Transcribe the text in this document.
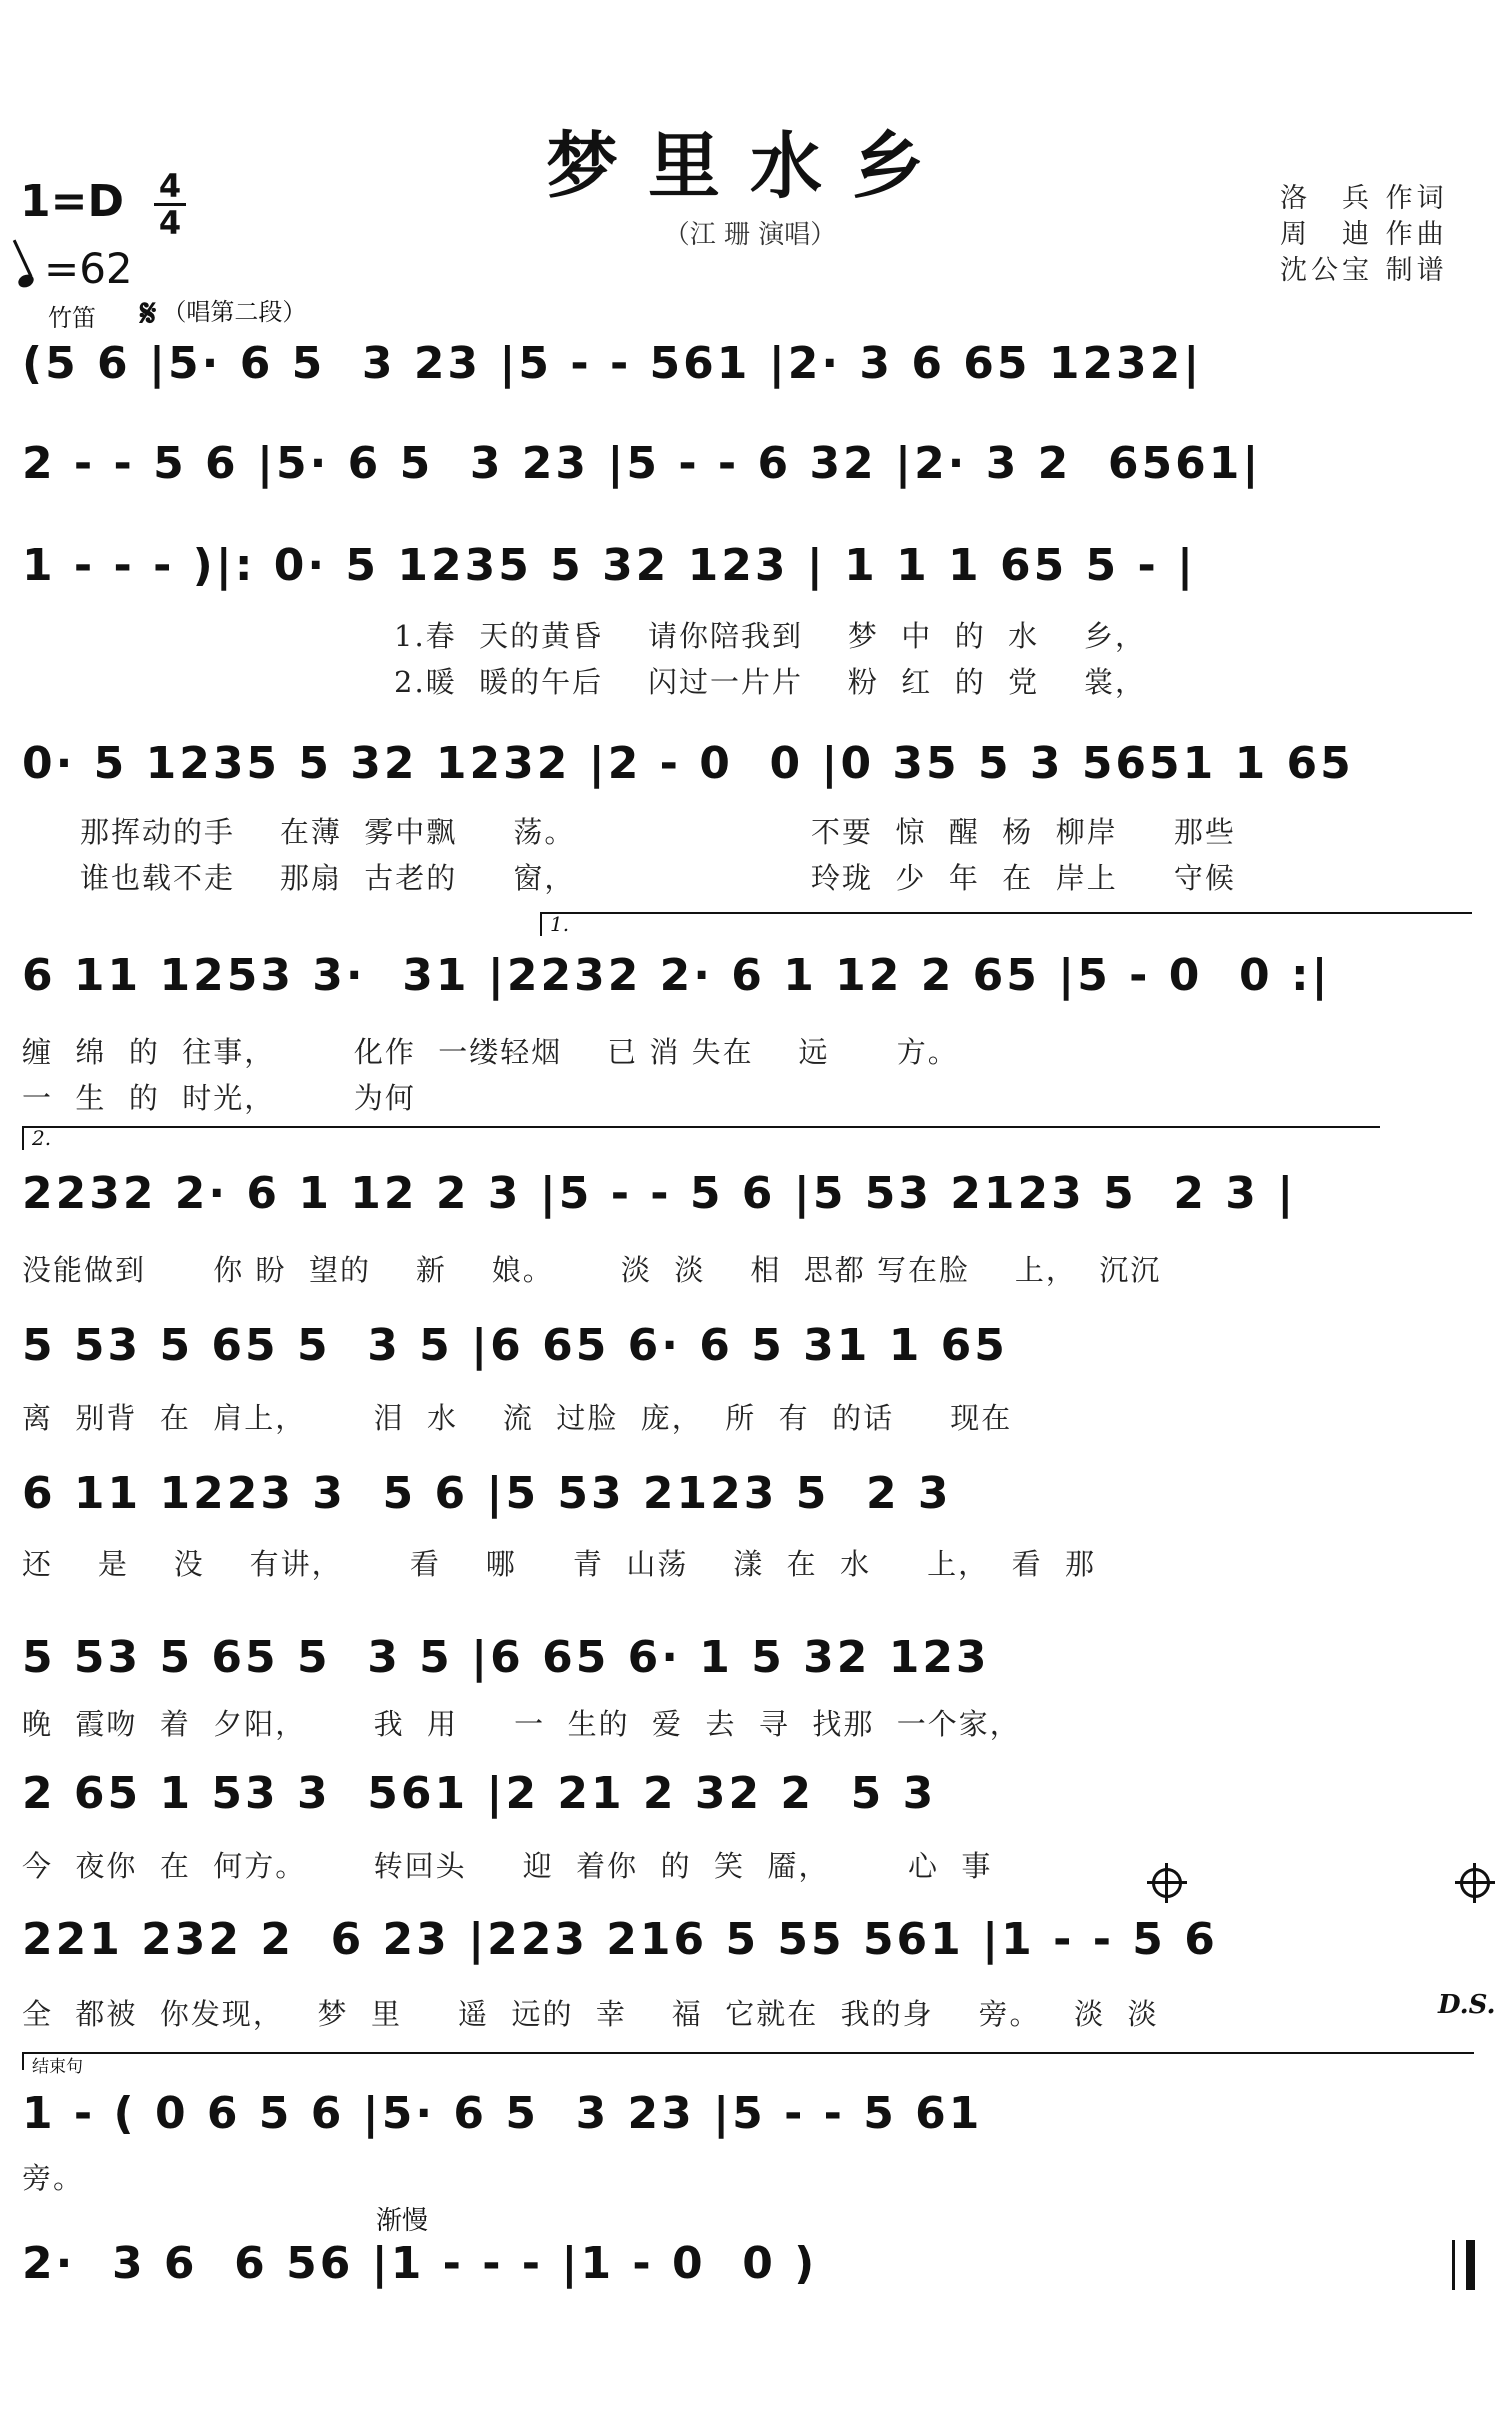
梦里水乡
（江 珊 演唱）
洛　兵 作词
周　迪 作曲
沈公宝 制谱
1=D 4
4
=62
竹笛 𝄋 （唱第二段）
(5 6 |5· 6 5  3 23 |5 - - 561 |2· 3 6 65 1232|
2 - - 5 6 |5· 6 5  3 23 |5 - - 6 32 |2· 3 2  6561|
1 - - - )|: 0· 5 1235 5 32 123 | 1 1 1 65 5 - |
1.春  天的黄昏    请你陪我到    梦  中  的  水    乡，
2.暖  暖的午后    闪过一片片    粉  红  的  党    裳，
0· 5 1235 5 32 1232 |2 - 0  0 |0 35 5 3 5651 1 65
那挥动的手    在薄  雾中飘     荡。                     不要  惊  醒  杨  柳岸     那些
谁也载不走    那扇  古老的     窗，                     玲珑  少  年  在  岸上     守候
1.
6 11 1253 3·  31 |2232 2· 6 1 12 2 65 |5 - 0  0 :|
缠  绵  的  往事，       化作  一缕轻烟    已 消 失在    远      方。
一  生  的  时光，       为何
2.
2232 2· 6 1 12 2 3 |5 - - 5 6 |5 53 2123 5  2 3 |
没能做到      你 盼  望的    新    娘。      淡  淡    相  思都 写在脸    上，  沉沉
5 53 5 65 5  3 5 |6 65 6· 6 5 31 1 65
离  别背  在  肩上，      泪  水    流  过脸  庞，  所  有  的话     现在
6 11 1223 3  5 6 |5 53 2123 5  2 3
还    是    没    有讲，      看    哪     青  山荡    漾  在  水     上，  看  那
5 53 5 65 5  3 5 |6 65 6· 1 5 32 123
晚  霞吻  着  夕阳，      我  用     一  生的  爱  去  寻  找那  一个家，
2 65 1 53 3  561 |2 21 2 32 2  5 3
今  夜你  在  何方。      转回头     迎  着你  的  笑  靥，       心  事
221 232 2  6 23 |223 216 5 55 561 |1 - - 5 6
全  都被  你发现，   梦  里     遥  远的  幸    福  它就在  我的身    旁。   淡  淡	D.S.
结束句
1 - ( 0 6 5 6 |5· 6 5  3 23 |5 - - 5 61
旁。
渐慢
2·  3 6  6 56 |1 - - - |1 - 0  0 )
